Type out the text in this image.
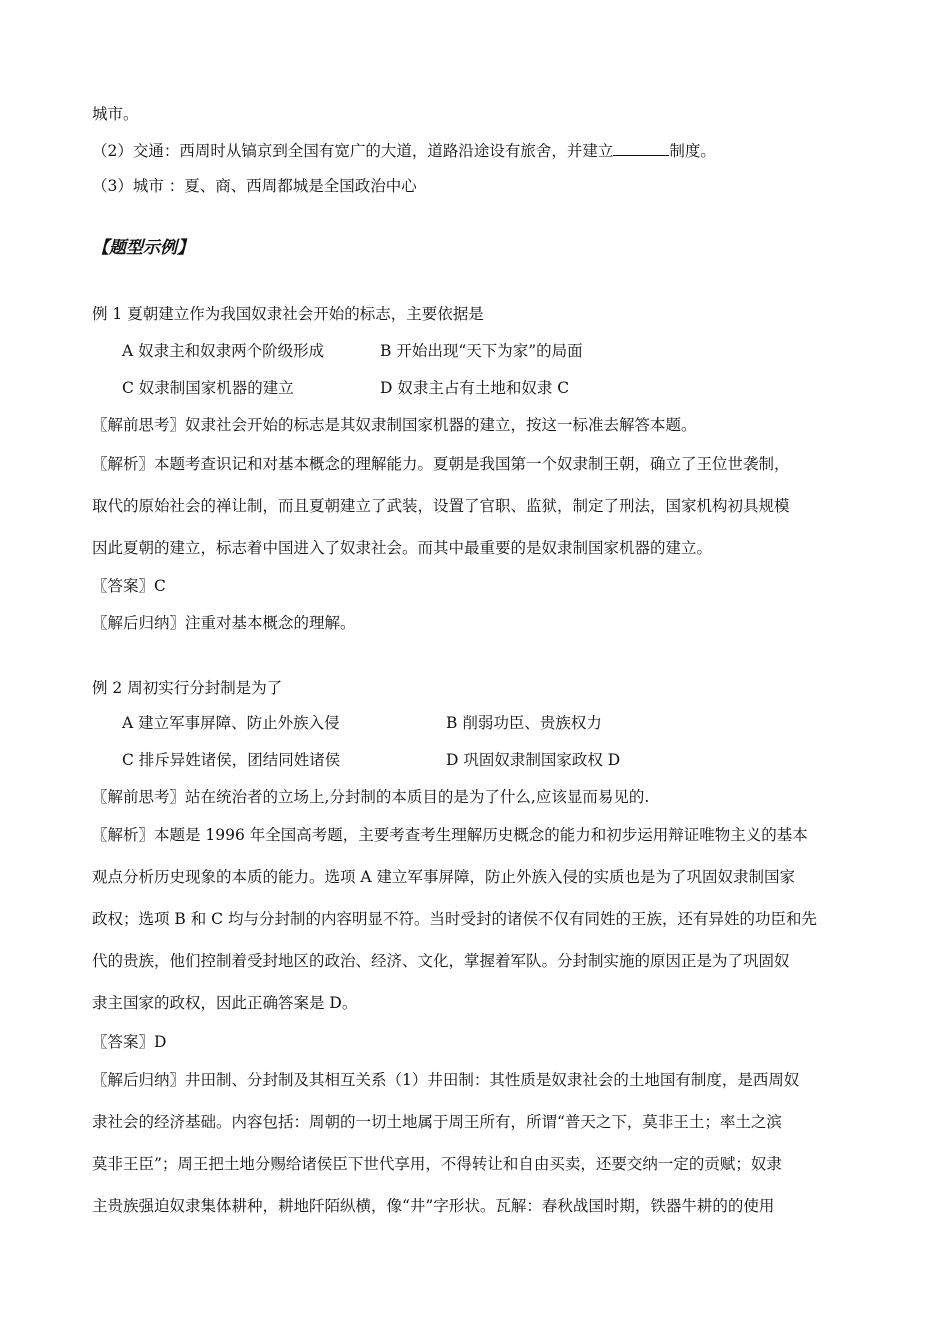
城市。
（2）交通：西周时从镐京到全国有宽广的大道，道路沿途设有旅舍，并建立	制度。
（3）城市 ：夏、商、西周都城是全国政治中心
【题型示例】
例 1 夏朝建立作为我国奴隶社会开始的标志，主要依据是
A 奴隶主和奴隶两个阶级形成	B 开始出现“天下为家”的局面
C 奴隶制国家机器的建立	D 奴隶主占有土地和奴隶 C
〖解前思考〗奴隶社会开始的标志是其奴隶制国家机器的建立，按这一标准去解答本题。
〖解析〗本题考查识记和对基本概念的理解能力。夏朝是我国第一个奴隶制王朝，确立了王位世袭制，
取代的原始社会的禅让制，而且夏朝建立了武装，设置了官职、监狱，制定了刑法，国家机构初具规模
因此夏朝的建立，标志着中国进入了奴隶社会。而其中最重要的是奴隶制国家机器的建立。
〖答案〗C
〖解后归纳〗注重对基本概念的理解。
例 2 周初实行分封制是为了
A 建立军事屏障、防止外族入侵	B 削弱功臣、贵族权力
C 排斥异姓诸侯，团结同姓诸侯	D 巩固奴隶制国家政权 D
〖解前思考〗站在统治者的立场上,分封制的本质目的是为了什么,应该显而易见的.
〖解析〗本题是 1996 年全国高考题，主要考查考生理解历史概念的能力和初步运用辩证唯物主义的基本
观点分析历史现象的本质的能力。选项 A 建立军事屏障，防止外族入侵的实质也是为了巩固奴隶制国家
政权；选项 B 和 C 均与分封制的内容明显不符。当时受封的诸侯不仅有同姓的王族，还有异姓的功臣和先
代的贵族，他们控制着受封地区的政治、经济、文化，掌握着军队。分封制实施的原因正是为了巩固奴
隶主国家的政权，因此正确答案是 D。
〖答案〗D
〖解后归纳〗井田制、分封制及其相互关系（1）井田制：其性质是奴隶社会的土地国有制度，是西周奴
隶社会的经济基础。内容包括：周朝的一切土地属于周王所有，所谓“普天之下，莫非王土；率土之滨
莫非王臣”；周王把土地分赐给诸侯臣下世代享用，不得转让和自由买卖，还要交纳一定的贡赋；奴隶
主贵族强迫奴隶集体耕种，耕地阡陌纵横，像“井”字形状。瓦解：春秋战国时期，铁器牛耕的的使用
